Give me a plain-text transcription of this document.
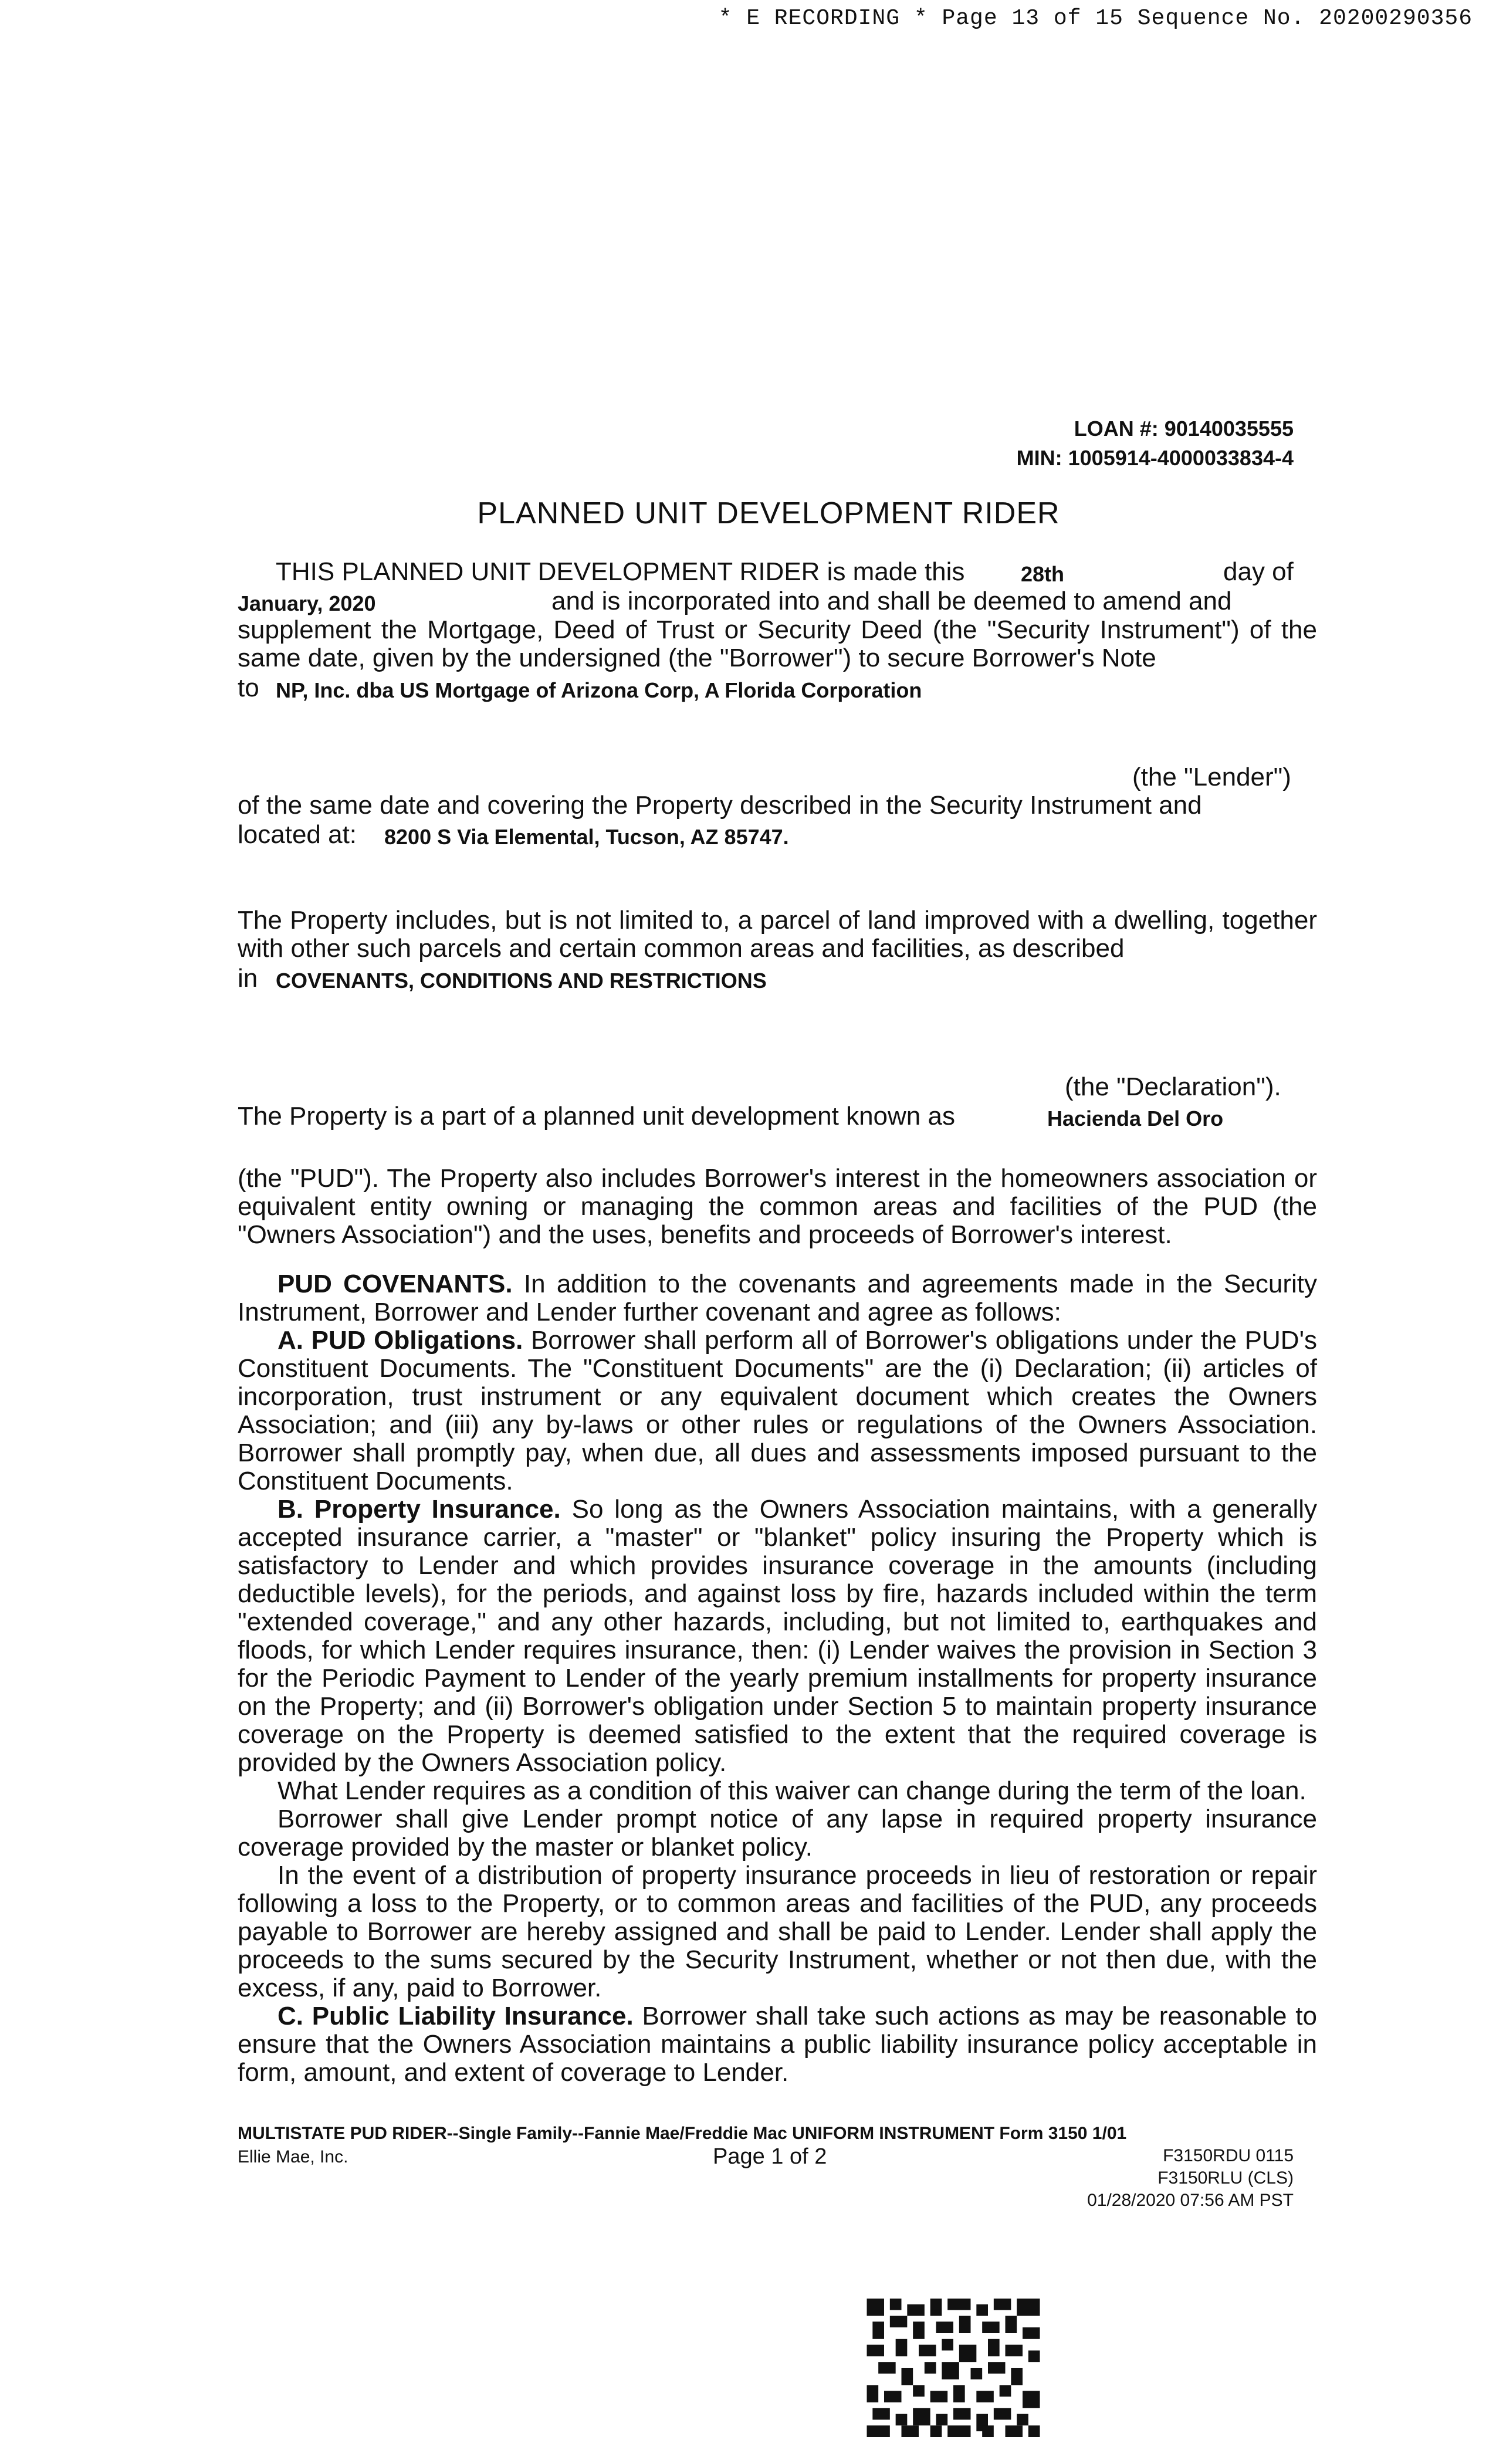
* E RECORDING * Page 13 of 15 Sequence No. 20200290356
LOAN #: 90140035555
MIN: 1005914-4000033834-4
PLANNED UNIT DEVELOPMENT RIDER
THIS PLANNED UNIT DEVELOPMENT RIDER is made this	28th	day of
January, 2020	and is incorporated into and shall be deemed to amend and
supplement the Mortgage, Deed of Trust or Security Deed (the "Security Instrument") of the same date, given by the undersigned (the "Borrower") to secure Borrower's Note
to NP, Inc. dba US Mortgage of Arizona Corp, A Florida Corporation
(the "Lender")
of the same date and covering the Property described in the Security Instrument and
located at: 8200 S Via Elemental, Tucson, AZ 85747.
The Property includes, but is not limited to, a parcel of land improved with a dwelling, together with other such parcels and certain common areas and facilities, as described
in COVENANTS, CONDITIONS AND RESTRICTIONS
(the "Declaration").
The Property is a part of a planned unit development known as	Hacienda Del Oro
(the "PUD"). The Property also includes Borrower's interest in the homeowners association or equivalent entity owning or managing the common areas and facilities of the PUD (the "Owners Association") and the uses, benefits and proceeds of Borrower's interest.
PUD COVENANTS. In addition to the covenants and agreements made in the Security Instrument, Borrower and Lender further covenant and agree as follows:
A. PUD Obligations. Borrower shall perform all of Borrower's obligations under the PUD's Constituent Documents. The "Constituent Documents" are the (i) Declaration; (ii) articles of incorporation, trust instrument or any equivalent document which creates the Owners Association; and (iii) any by-laws or other rules or regulations of the Owners Association. Borrower shall promptly pay, when due, all dues and assessments imposed pursuant to the Constituent Documents.
B. Property Insurance. So long as the Owners Association maintains, with a generally accepted insurance carrier, a "master" or "blanket" policy insuring the Property which is satisfactory to Lender and which provides insurance coverage in the amounts (including deductible levels), for the periods, and against loss by fire, hazards included within the term "extended coverage," and any other hazards, including, but not limited to, earthquakes and floods, for which Lender requires insurance, then: (i) Lender waives the provision in Section 3 for the Periodic Payment to Lender of the yearly premium installments for property insurance on the Property; and (ii) Borrower's obligation under Section 5 to maintain property insurance coverage on the Property is deemed satisfied to the extent that the required coverage is provided by the Owners Association policy.
What Lender requires as a condition of this waiver can change during the term of the loan.
Borrower shall give Lender prompt notice of any lapse in required property insurance coverage provided by the master or blanket policy.
In the event of a distribution of property insurance proceeds in lieu of restoration or repair following a loss to the Property, or to common areas and facilities of the PUD, any proceeds payable to Borrower are hereby assigned and shall be paid to Lender. Lender shall apply the proceeds to the sums secured by the Security Instrument, whether or not then due, with the excess, if any, paid to Borrower.
C. Public Liability Insurance. Borrower shall take such actions as may be reasonable to ensure that the Owners Association maintains a public liability insurance policy acceptable in form, amount, and extent of coverage to Lender.
MULTISTATE PUD RIDER--Single Family--Fannie Mae/Freddie Mac UNIFORM INSTRUMENT Form 3150 1/01
Ellie Mae, Inc.	Page 1 of 2	F3150RDU 0115
F3150RLU (CLS)
01/28/2020 07:56 AM PST
